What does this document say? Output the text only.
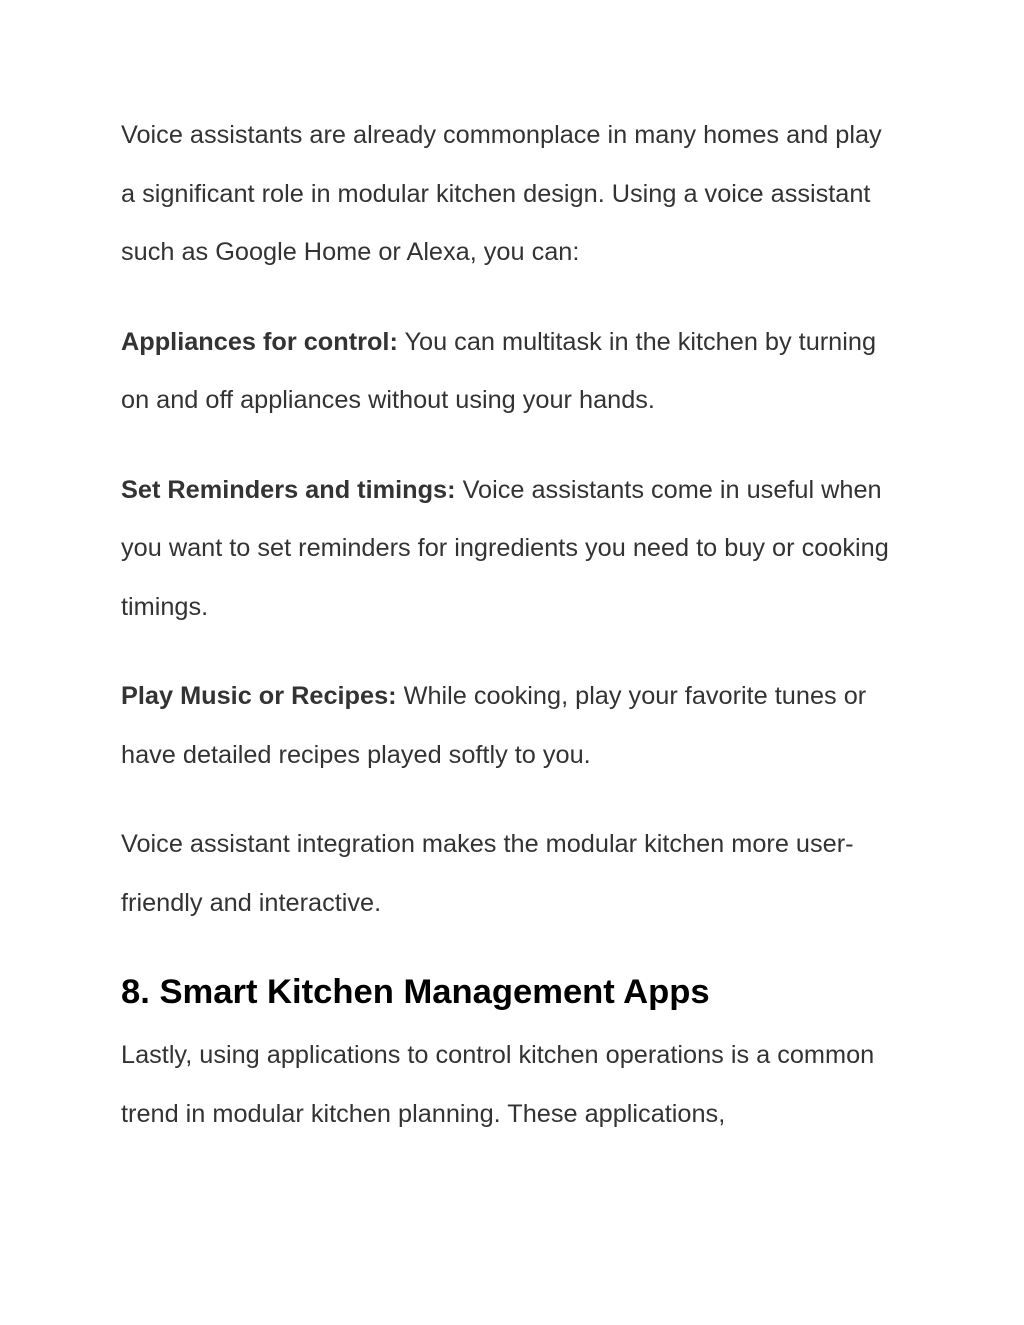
Voice assistants are already commonplace in many homes and play a significant role in modular kitchen design. Using a voice assistant such as Google Home or Alexa, you can:

Appliances for control: You can multitask in the kitchen by turning on and off appliances without using your hands.

Set Reminders and timings: Voice assistants come in useful when you want to set reminders for ingredients you need to buy or cooking timings.

Play Music or Recipes: While cooking, play your favorite tunes or have detailed recipes played softly to you.

Voice assistant integration makes the modular kitchen more user-friendly and interactive.

8. Smart Kitchen Management Apps

Lastly, using applications to control kitchen operations is a common trend in modular kitchen planning. These applications,
